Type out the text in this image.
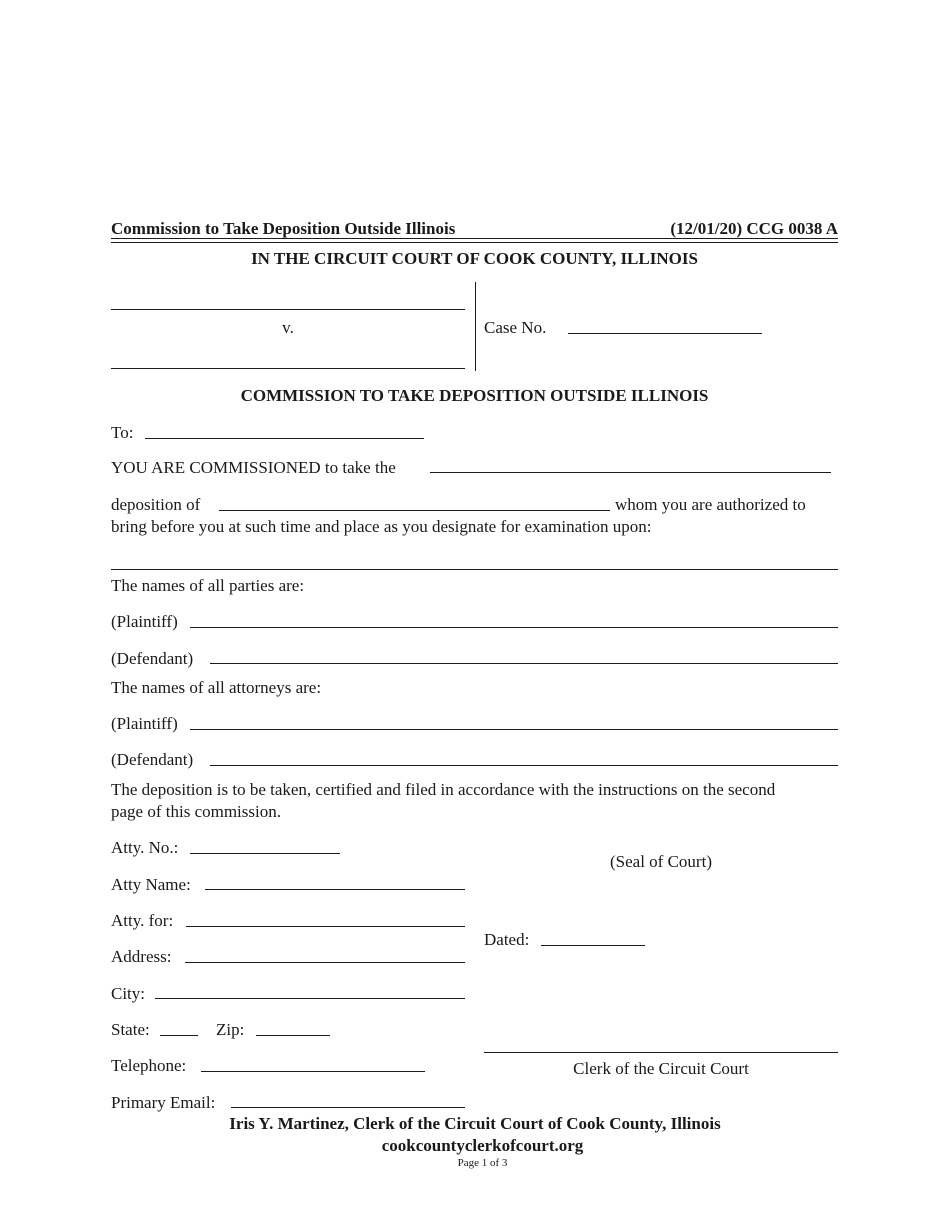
Commission to Take Deposition Outside Illinois	(12/01/20) CCG 0038 A
IN THE CIRCUIT COURT OF COOK COUNTY, ILLINOIS
v.	Case No.
COMMISSION TO TAKE DEPOSITION OUTSIDE ILLINOIS
To:
YOU ARE COMMISSIONED to take the
deposition of	whom you are authorized to
bring before you at such time and place as you designate for examination upon:
The names of all parties are:
(Plaintiff)
(Defendant)
The names of all attorneys are:
(Plaintiff)
(Defendant)
The deposition is to be taken, certified and filed in accordance with the instructions on the second
page of this commission.
Atty. No.:
Atty Name:
Atty. for:
Address:
City:
State:	Zip:
Telephone:
Primary Email:
(Seal of Court)
Dated:
Clerk of the Circuit Court
Iris Y. Martinez, Clerk of the Circuit Court of Cook County, Illinois
cookcountyclerkofcourt.org
Page 1 of 3
